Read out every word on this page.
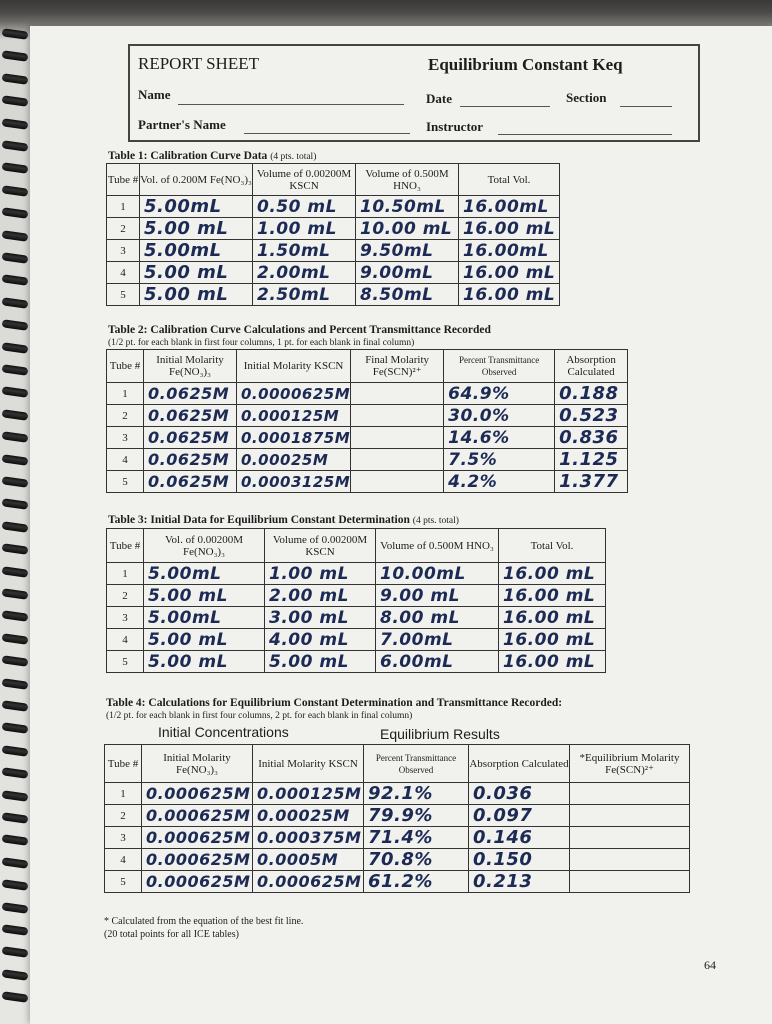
REPORT SHEET	Equilibrium Constant Keq
Name	Date	Section
Partner's Name	Instructor
Table 1: Calibration Curve Data (4 pts. total)
Tube #	Vol. of 0.200M Fe(NO₃)₃	Volume of 0.00200M KSCN	Volume of 0.500M HNO₃	Total Vol.
1	5.00mL	0.50 mL	10.50mL	16.00mL
2	5.00 mL	1.00 mL	10.00 mL	16.00 mL
3	5.00mL	1.50mL	9.50mL	16.00mL
4	5.00 mL	2.00mL	9.00mL	16.00 mL
5	5.00 mL	2.50mL	8.50mL	16.00 mL
Table 2: Calibration Curve Calculations and Percent Transmittance Recorded
(1/2 pt. for each blank in first four columns, 1 pt. for each blank in final column)
Tube #	Initial Molarity Fe(NO₃)₃	Initial Molarity KSCN	Final Molarity Fe(SCN)²⁺	Percent Transmittance Observed	Absorption Calculated
1	0.0625M	0.0000625M		64.9%	0.188
2	0.0625M	0.000125M		30.0%	0.523
3	0.0625M	0.0001875M		14.6%	0.836
4	0.0625M	0.00025M		7.5%	1.125
5	0.0625M	0.0003125M		4.2%	1.377
Table 3: Initial Data for Equilibrium Constant Determination (4 pts. total)
Tube #	Vol. of 0.00200M Fe(NO₃)₃	Volume of 0.00200M KSCN	Volume of 0.500M HNO₃	Total Vol.
1	5.00mL	1.00 mL	10.00mL	16.00 mL
2	5.00 mL	2.00 mL	9.00 mL	16.00 mL
3	5.00mL	3.00 mL	8.00 mL	16.00 mL
4	5.00 mL	4.00 mL	7.00mL	16.00 mL
5	5.00 mL	5.00 mL	6.00mL	16.00 mL
Table 4: Calculations for Equilibrium Constant Determination and Transmittance Recorded:
(1/2 pt. for each blank in first four columns, 2 pt. for each blank in final column)
Initial Concentrations	Equilibrium Results
Tube #	Initial Molarity Fe(NO₃)₃	Initial Molarity KSCN	Percent Transmittance Observed	Absorption Calculated	*Equilibrium Molarity Fe(SCN)²⁺
1	0.000625M	0.000125M	92.1%	0.036	
2	0.000625M	0.00025M	79.9%	0.097	
3	0.000625M	0.000375M	71.4%	0.146	
4	0.000625M	0.0005M	70.8%	0.150	
5	0.000625M	0.000625M	61.2%	0.213	
* Calculated from the equation of the best fit line.
(20 total points for all ICE tables)
64
